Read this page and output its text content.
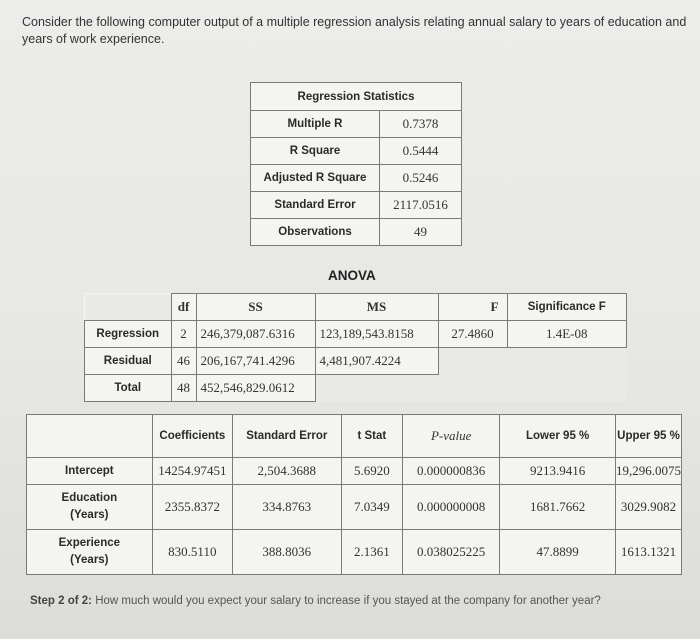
Consider the following computer output of a multiple regression analysis relating annual salary to years of education and years of work experience.
Regression Statistics	
Multiple R	0.7378
R Square	0.5444
Adjusted R Square	0.5246
Standard Error	2117.0516
Observations	49
ANOVA
	df	SS	MS	F	Significance F
Regression	2	246,379,087.6316	123,189,543.8158	27.4860	1.4E-08
Residual	46	206,167,741.4296	4,481,907.4224		
Total	48	452,546,829.0612			
	Coefficients	Standard Error	t Stat	P-value	Lower 95 %	Upper 95 %
Intercept	14254.97451	2,504.3688	5.6920	0.000000836	9213.9416	19,296.0075
Education (Years)	2355.8372	334.8763	7.0349	0.000000008	1681.7662	3029.9082
Experience (Years)	830.5110	388.8036	2.1361	0.038025225	47.8899	1613.1321
Step 2 of 2: How much would you expect your salary to increase if you stayed at the company for another year?
